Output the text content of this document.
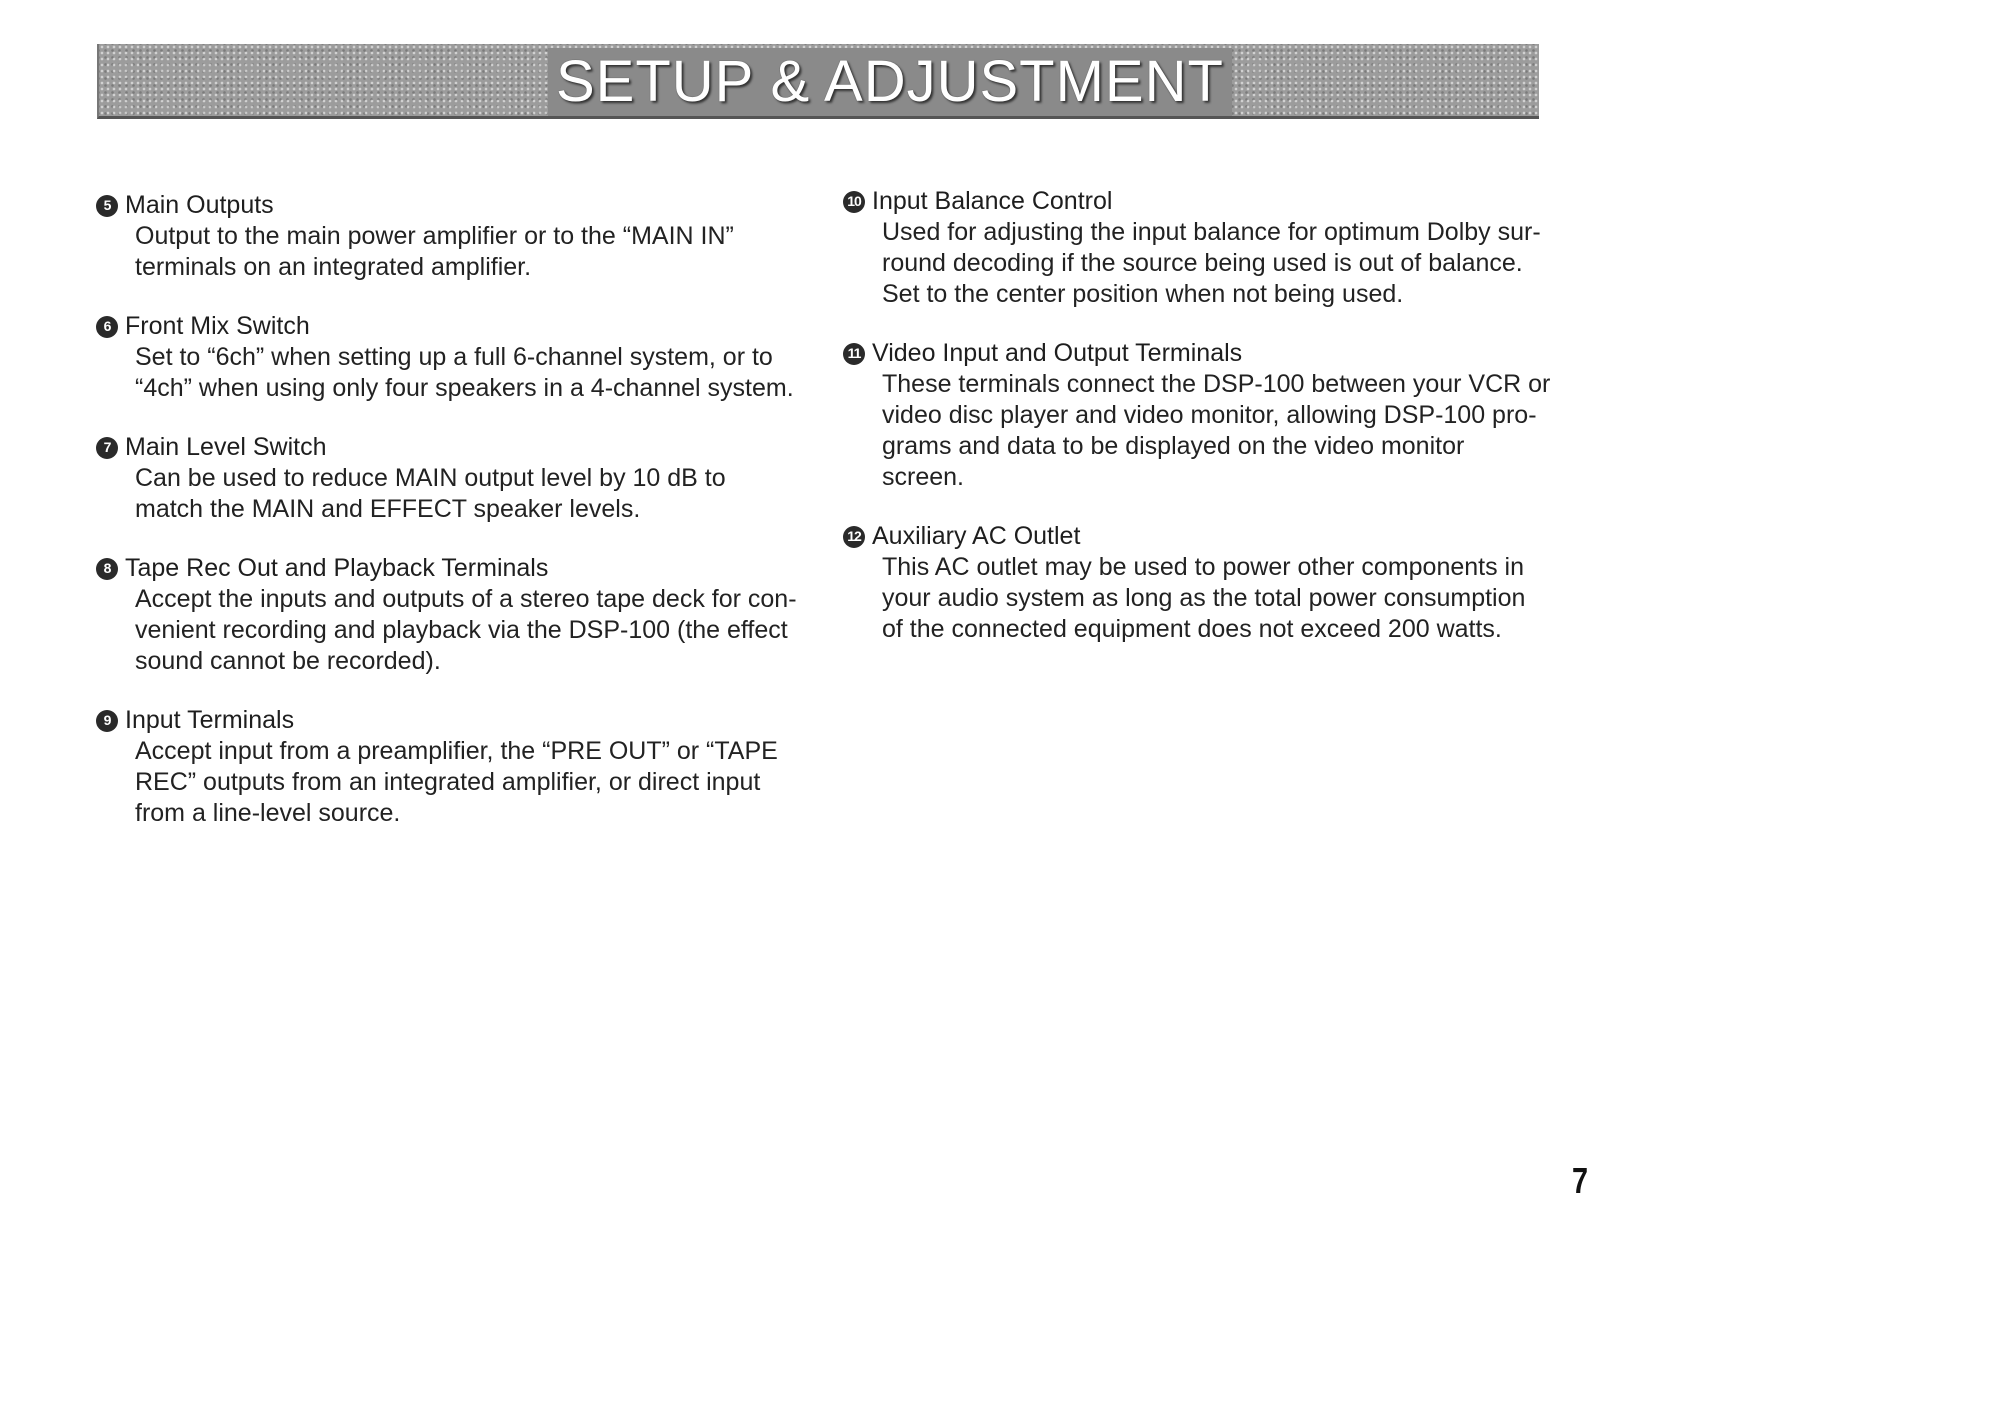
SETUP & ADJUSTMENT
5 Main Outputs
Output to the main power amplifier or to the “MAIN IN”
terminals on an integrated amplifier.
6 Front Mix Switch
Set to “6ch” when setting up a full 6-channel system, or to
“4ch” when using only four speakers in a 4-channel system.
7 Main Level Switch
Can be used to reduce MAIN output level by 10 dB to
match the MAIN and EFFECT speaker levels.
8 Tape Rec Out and Playback Terminals
Accept the inputs and outputs of a stereo tape deck for con-
venient recording and playback via the DSP-100 (the effect
sound cannot be recorded).
9 Input Terminals
Accept input from a preamplifier, the “PRE OUT” or “TAPE
REC” outputs from an integrated amplifier, or direct input
from a line-level source.
10 Input Balance Control
Used for adjusting the input balance for optimum Dolby sur-
round decoding if the source being used is out of balance.
Set to the center position when not being used.
11 Video Input and Output Terminals
These terminals connect the DSP-100 between your VCR or
video disc player and video monitor, allowing DSP-100 pro-
grams and data to be displayed on the video monitor
screen.
12 Auxiliary AC Outlet
This AC outlet may be used to power other components in
your audio system as long as the total power consumption
of the connected equipment does not exceed 200 watts.
7
